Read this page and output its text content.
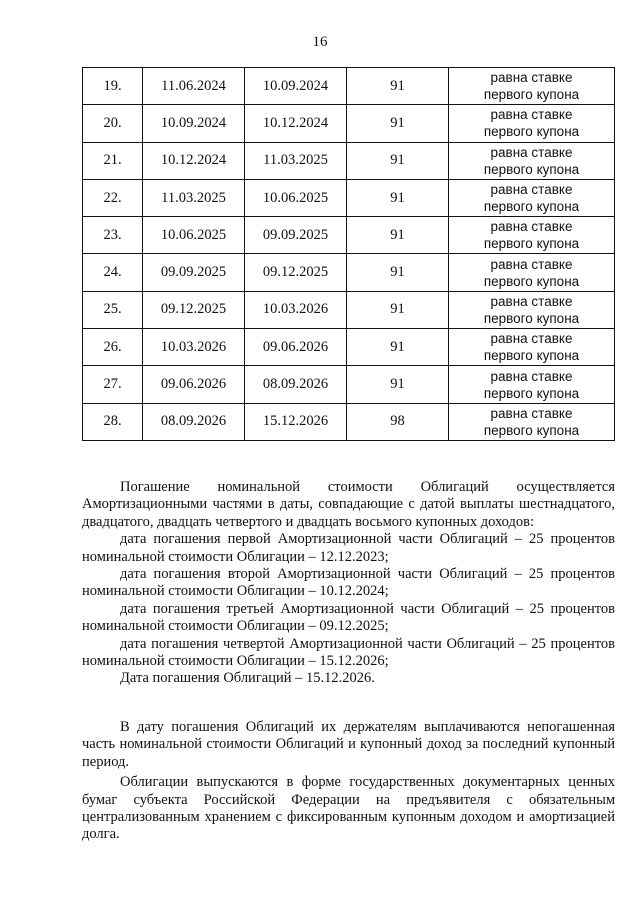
16
19.	11.06.2024	10.09.2024	91	равна ставке
первого купона

20.	10.09.2024	10.12.2024	91	равна ставке
первого купона

21.	10.12.2024	11.03.2025	91	равна ставке
первого купона

22.	11.03.2025	10.06.2025	91	равна ставке
первого купона

23.	10.06.2025	09.09.2025	91	равна ставке
первого купона

24.	09.09.2025	09.12.2025	91	равна ставке
первого купона

25.	09.12.2025	10.03.2026	91	равна ставке
первого купона

26.	10.03.2026	09.06.2026	91	равна ставке
первого купона

27.	09.06.2026	08.09.2026	91	равна ставке
первого купона

28.	08.09.2026	15.12.2026	98	равна ставке
первого купона

Погашение номинальной стоимости Облигаций осуществляется Амортизационными частями в даты, совпадающие с датой выплаты шестнадцатого, двадцатого, двадцать четвертого и двадцать восьмого купонных доходов:

дата погашения первой Амортизационной части Облигаций – 25 процентов номинальной стоимости Облигации – 12.12.2023;

дата погашения второй Амортизационной части Облигаций – 25 процентов номинальной стоимости Облигации – 10.12.2024;

дата погашения третьей Амортизационной части Облигаций – 25 процентов номинальной стоимости Облигации – 09.12.2025;

дата погашения четвертой Амортизационной части Облигаций – 25 процентов номинальной стоимости Облигации – 15.12.2026;

Дата погашения Облигаций – 15.12.2026.

В дату погашения Облигаций их держателям выплачиваются непогашенная часть номинальной стоимости Облигаций и купонный доход за последний купонный период.

Облигации выпускаются в форме государственных документарных ценных бумаг субъекта Российской Федерации на предъявителя с обязательным централизованным хранением с фиксированным купонным доходом и амортизацией долга.
